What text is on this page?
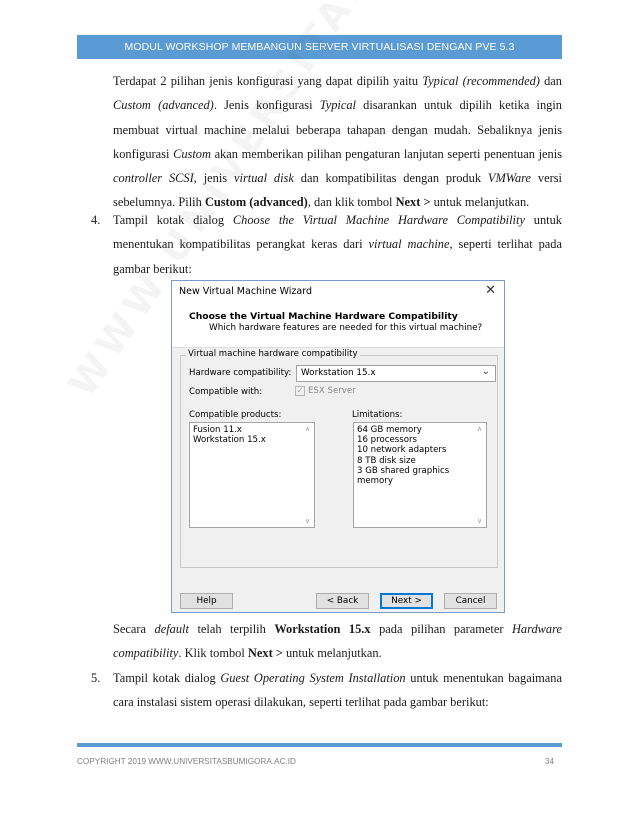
MODUL WORKSHOP MEMBANGUN SERVER VIRTUALISASI DENGAN PVE 5.3

Terdapat 2 pilihan jenis konfigurasi yang dapat dipilih yaitu Typical (recommended) dan

Custom (advanced). Jenis konfigurasi Typical disarankan untuk dipilih ketika ingin

membuat virtual machine melalui beberapa tahapan dengan mudah. Sebaliknya jenis

konfigurasi Custom akan memberikan pilihan pengaturan lanjutan seperti penentuan jenis

controller SCSI, jenis virtual disk dan kompatibilitas dengan produk VMWare versi

sebelumnya. Pilih Custom (advanced), dan klik tombol Next > untuk melanjutkan.

4. Tampil kotak dialog Choose the Virtual Machine Hardware Compatibility untuk

menentukan kompatibilitas perangkat keras dari virtual machine, seperti terlihat pada

gambar berikut:

New Virtual Machine Wizard	✕
Choose the Virtual Machine Hardware Compatibility
Which hardware features are needed for this virtual machine?
Virtual machine hardware compatibility
Hardware compatibility:	Workstation 15.x	⌄
Compatible with:	✓ ESX Server
Compatible products:
Fusion 11.x
Workstation 15.x
∧
∨
Limitations:
64 GB memory
16 processors
10 network adapters
8 TB disk size
3 GB shared graphics memory
∧
∨
Help	< Back	Next >	Cancel

Secara default telah terpilih Workstation 15.x pada pilihan parameter Hardware

compatibility. Klik tombol Next > untuk melanjutkan.

5. Tampil kotak dialog Guest Operating System Installation untuk menentukan bagaimana

cara instalasi sistem operasi dilakukan, seperti terlihat pada gambar berikut:

COPYRIGHT 2019 WWW.UNIVERSITASBUMIGORA.AC.ID	34
